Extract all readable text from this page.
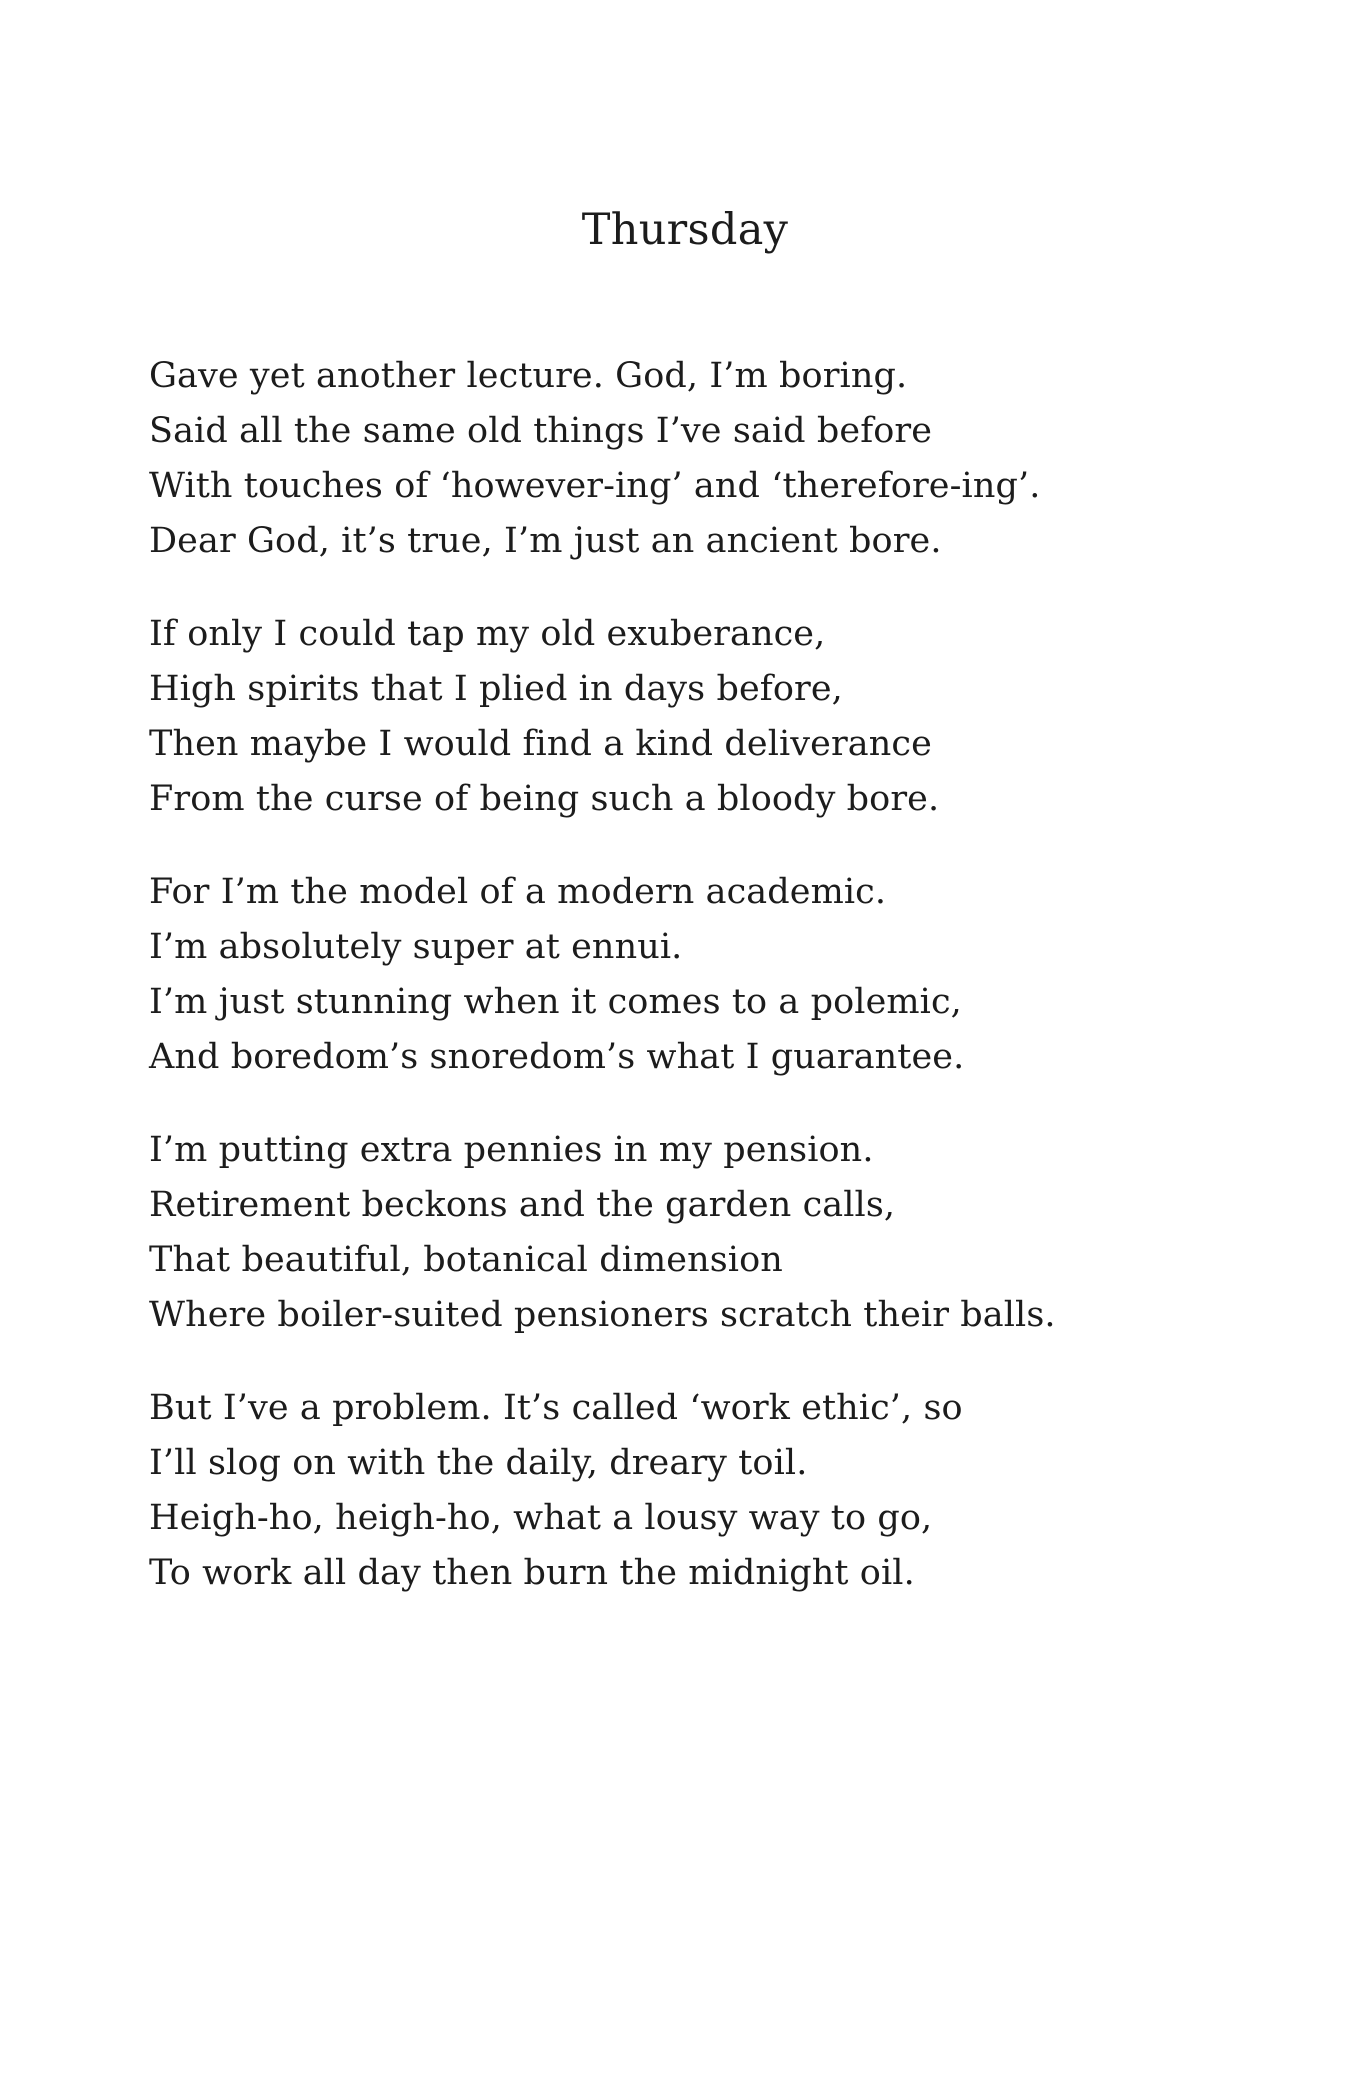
Thursday
Gave yet another lecture. God, I’m boring.
Said all the same old things I’ve said before
With touches of ‘however-ing’ and ‘therefore-ing’.
Dear God, it’s true, I’m just an ancient bore.
If only I could tap my old exuberance,
High spirits that I plied in days before,
Then maybe I would find a kind deliverance
From the curse of being such a bloody bore.
For I’m the model of a modern academic.
I’m absolutely super at ennui.
I’m just stunning when it comes to a polemic,
And boredom’s snoredom’s what I guarantee.
I’m putting extra pennies in my pension.
Retirement beckons and the garden calls,
That beautiful, botanical dimension
Where boiler-suited pensioners scratch their balls.
But I’ve a problem. It’s called ‘work ethic’, so
I’ll slog on with the daily, dreary toil.
Heigh-ho, heigh-ho, what a lousy way to go,
To work all day then burn the midnight oil.
